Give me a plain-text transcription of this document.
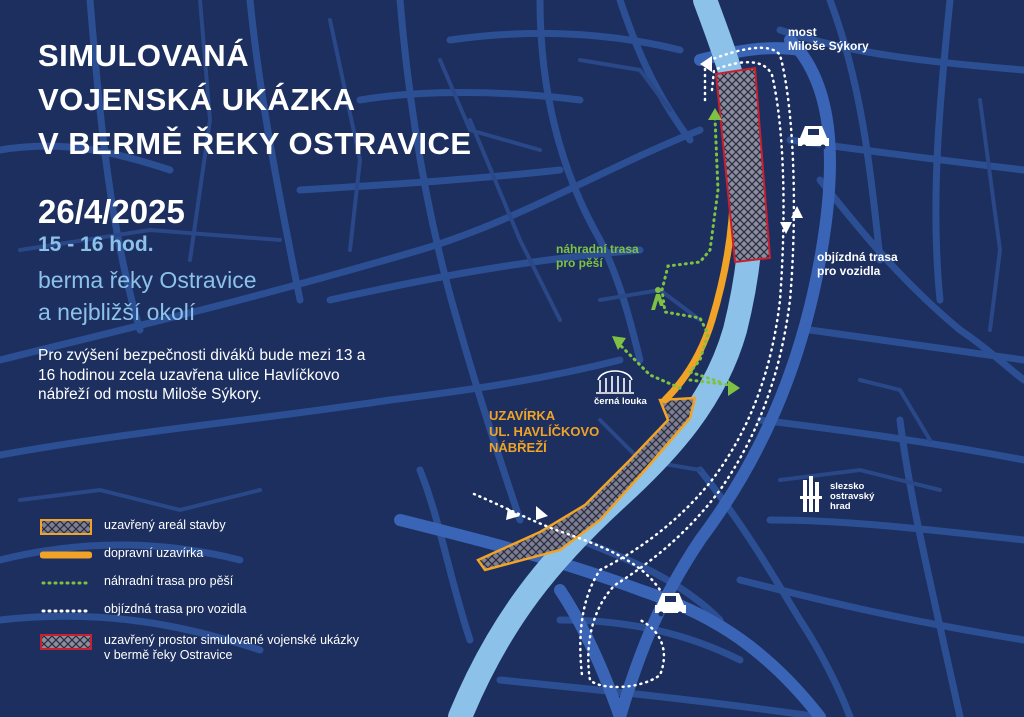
SIMULOVANÁ
VOJENSKÁ UKÁZKA
V BERMĚ ŘEKY OSTRAVICE
26/4/2025
15 - 16 hod.
berma řeky Ostravice
a nejbližší okolí
Pro zvýšení bezpečnosti diváků bude mezi 13 a 16 hodinou zcela uzavřena ulice Havlíčkovo nábřeží od mostu Miloše Sýkory.
most
Miloše Sýkory
objízdná trasa
pro vozidla
náhradní trasa
pro pěší
UZAVÍRKA
UL. HAVLÍČKOVO
NÁBŘEŽÍ
černá louka
slezsko
ostravský
hrad
uzavřený areál stavby
dopravní uzavírka
náhradní trasa pro pěší
objízdná trasa pro vozidla
uzavřený prostor simulované vojenské ukázky
v bermě řeky Ostravice
